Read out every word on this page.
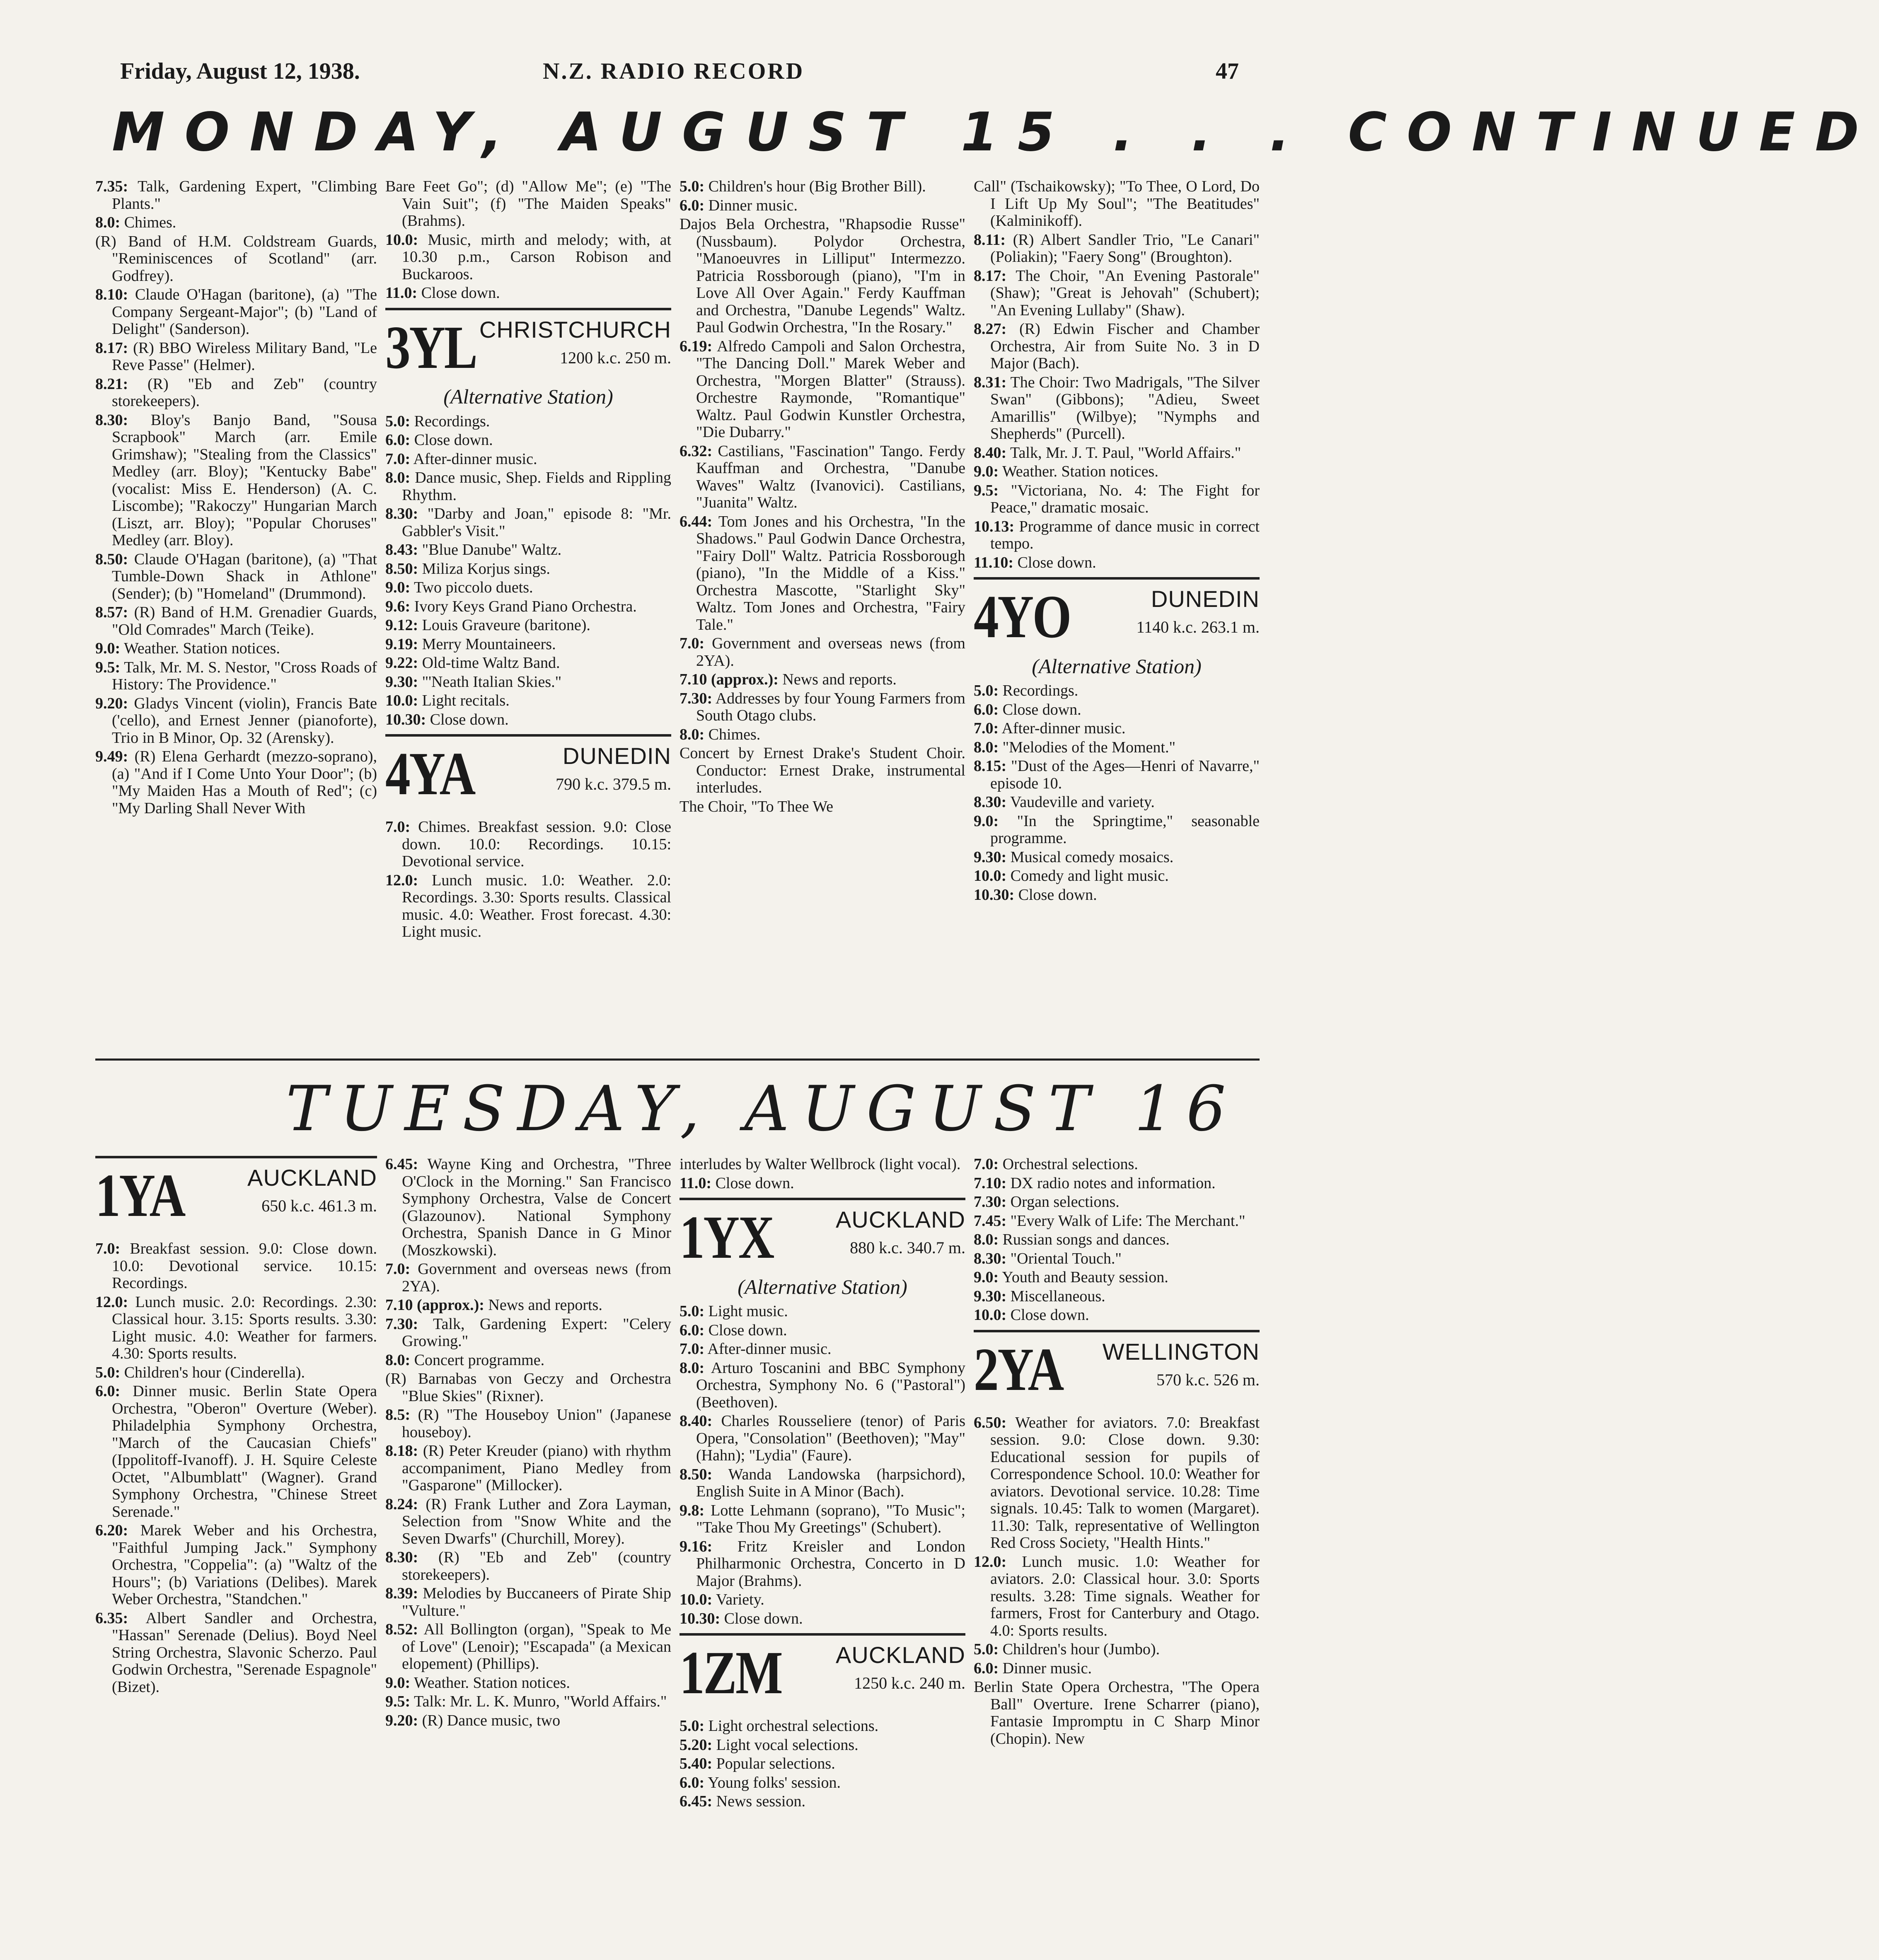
Friday, August 12, 1938.	N.Z. RADIO RECORD	47
MONDAY, AUGUST 15 . . . CONTINUED

7.35: Talk, Gardening Expert, "Climbing Plants."

8.0: Chimes.

(R) Band of H.M. Coldstream Guards, "Reminiscences of Scotland" (arr. Godfrey).

8.10: Claude O'Hagan (baritone), (a) "The Company Sergeant-Major"; (b) "Land of Delight" (Sanderson).

8.17: (R) BBO Wireless Military Band, "Le Reve Passe" (Helmer).

8.21: (R) "Eb and Zeb" (country storekeepers).

8.30: Bloy's Banjo Band, "Sousa Scrapbook" March (arr. Emile Grimshaw); "Stealing from the Classics" Medley (arr. Bloy); "Kentucky Babe" (vocalist: Miss E. Henderson) (A. C. Liscombe); "Rakoczy" Hungarian March (Liszt, arr. Bloy); "Popular Choruses" Medley (arr. Bloy).

8.50: Claude O'Hagan (baritone), (a) "That Tumble-Down Shack in Athlone" (Sender); (b) "Homeland" (Drummond).

8.57: (R) Band of H.M. Grenadier Guards, "Old Comrades" March (Teike).

9.0: Weather. Station notices.

9.5: Talk, Mr. M. S. Nestor, "Cross Roads of History: The Providence."

9.20: Gladys Vincent (violin), Francis Bate ('cello), and Ernest Jenner (pianoforte), Trio in B Minor, Op. 32 (Arensky).

9.49: (R) Elena Gerhardt (mezzo-soprano), (a) "And if I Come Unto Your Door"; (b) "My Maiden Has a Mouth of Red"; (c) "My Darling Shall Never With

Bare Feet Go"; (d) "Allow Me"; (e) "The Vain Suit"; (f) "The Maiden Speaks" (Brahms).

10.0: Music, mirth and melody; with, at 10.30 p.m., Carson Robison and Buckaroos.

11.0: Close down.

3YL CHRISTCHURCH
1200 k.c. 250 m.
(Alternative Station)

5.0: Recordings.

6.0: Close down.

7.0: After-dinner music.

8.0: Dance music, Shep. Fields and Rippling Rhythm.

8.30: "Darby and Joan," episode 8: "Mr. Gabbler's Visit."

8.43: "Blue Danube" Waltz.

8.50: Miliza Korjus sings.

9.0: Two piccolo duets.

9.6: Ivory Keys Grand Piano Orchestra.

9.12: Louis Graveure (baritone).

9.19: Merry Mountaineers.

9.22: Old-time Waltz Band.

9.30: "'Neath Italian Skies."

10.0: Light recitals.

10.30: Close down.

4YA	DUNEDIN
790 k.c. 379.5 m.

7.0: Chimes. Breakfast session. 9.0: Close down. 10.0: Recordings. 10.15: Devotional service.

12.0: Lunch music. 1.0: Weather. 2.0: Recordings. 3.30: Sports results. Classical music. 4.0: Weather. Frost forecast. 4.30: Light music.

5.0: Children's hour (Big Brother Bill).

6.0: Dinner music.

Dajos Bela Orchestra, "Rhapsodie Russe" (Nussbaum). Polydor Orchestra, "Manoeuvres in Lilliput" Intermezzo. Patricia Rossborough (piano), "I'm in Love All Over Again." Ferdy Kauffman and Orchestra, "Danube Legends" Waltz. Paul Godwin Orchestra, "In the Rosary."

6.19: Alfredo Campoli and Salon Orchestra, "The Dancing Doll." Marek Weber and Orchestra, "Morgen Blatter" (Strauss). Orchestre Raymonde, "Romantique" Waltz. Paul Godwin Kunstler Orchestra, "Die Dubarry."

6.32: Castilians, "Fascination" Tango. Ferdy Kauffman and Orchestra, "Danube Waves" Waltz (Ivanovici). Castilians, "Juanita" Waltz.

6.44: Tom Jones and his Orchestra, "In the Shadows." Paul Godwin Dance Orchestra, "Fairy Doll" Waltz. Patricia Rossborough (piano), "In the Middle of a Kiss." Orchestra Mascotte, "Starlight Sky" Waltz. Tom Jones and Orchestra, "Fairy Tale."

7.0: Government and overseas news (from 2YA).

7.10 (approx.): News and reports.

7.30: Addresses by four Young Farmers from South Otago clubs.

8.0: Chimes.

Concert by Ernest Drake's Student Choir. Conductor: Ernest Drake, instrumental interludes.

The Choir, "To Thee We

Call" (Tschaikowsky); "To Thee, O Lord, Do I Lift Up My Soul"; "The Beatitudes" (Kalminikoff).

8.11: (R) Albert Sandler Trio, "Le Canari" (Poliakin); "Faery Song" (Broughton).

8.17: The Choir, "An Evening Pastorale" (Shaw); "Great is Jehovah" (Schubert); "An Evening Lullaby" (Shaw).

8.27: (R) Edwin Fischer and Chamber Orchestra, Air from Suite No. 3 in D Major (Bach).

8.31: The Choir: Two Madrigals, "The Silver Swan" (Gibbons); "Adieu, Sweet Amarillis" (Wilbye); "Nymphs and Shepherds" (Purcell).

8.40: Talk, Mr. J. T. Paul, "World Affairs."

9.0: Weather. Station notices.

9.5: "Victoriana, No. 4: The Fight for Peace," dramatic mosaic.

10.13: Programme of dance music in correct tempo.

11.10: Close down.

4YO	DUNEDIN
1140 k.c. 263.1 m.
(Alternative Station)

5.0: Recordings.

6.0: Close down.

7.0: After-dinner music.

8.0: "Melodies of the Moment."

8.15: "Dust of the Ages—Henri of Navarre," episode 10.

8.30: Vaudeville and variety.

9.0: "In the Springtime," seasonable programme.

9.30: Musical comedy mosaics.

10.0: Comedy and light music.

10.30: Close down.

TUESDAY, AUGUST 16
1YA	AUCKLAND
650 k.c. 461.3 m.

7.0: Breakfast session. 9.0: Close down. 10.0: Devotional service. 10.15: Recordings.

12.0: Lunch music. 2.0: Recordings. 2.30: Classical hour. 3.15: Sports results. 3.30: Light music. 4.0: Weather for farmers. 4.30: Sports results.

5.0: Children's hour (Cinderella).

6.0: Dinner music. Berlin State Opera Orchestra, "Oberon" Overture (Weber). Philadelphia Symphony Orchestra, "March of the Caucasian Chiefs" (Ippolitoff-Ivanoff). J. H. Squire Celeste Octet, "Albumblatt" (Wagner). Grand Symphony Orchestra, "Chinese Street Serenade."

6.20: Marek Weber and his Orchestra, "Faithful Jumping Jack." Symphony Orchestra, "Coppelia": (a) "Waltz of the Hours"; (b) Variations (Delibes). Marek Weber Orchestra, "Standchen."

6.35: Albert Sandler and Orchestra, "Hassan" Serenade (Delius). Boyd Neel String Orchestra, Slavonic Scherzo. Paul Godwin Orchestra, "Serenade Espagnole" (Bizet).

6.45: Wayne King and Orchestra, "Three O'Clock in the Morning." San Francisco Symphony Orchestra, Valse de Concert (Glazounov). National Symphony Orchestra, Spanish Dance in G Minor (Moszkowski).

7.0: Government and overseas news (from 2YA).

7.10 (approx.): News and reports.

7.30: Talk, Gardening Expert: "Celery Growing."

8.0: Concert programme.

(R) Barnabas von Geczy and Orchestra "Blue Skies" (Rixner).

8.5: (R) "The Houseboy Union" (Japanese houseboy).

8.18: (R) Peter Kreuder (piano) with rhythm accompaniment, Piano Medley from "Gasparone" (Millocker).

8.24: (R) Frank Luther and Zora Layman, Selection from "Snow White and the Seven Dwarfs" (Churchill, Morey).

8.30: (R) "Eb and Zeb" (country storekeepers).

8.39: Melodies by Buccaneers of Pirate Ship "Vulture."

8.52: All Bollington (organ), "Speak to Me of Love" (Lenoir); "Escapada" (a Mexican elopement) (Phillips).

9.0: Weather. Station notices.

9.5: Talk: Mr. L. K. Munro, "World Affairs."

9.20: (R) Dance music, two

interludes by Walter Wellbrock (light vocal).

11.0: Close down.

1YX	AUCKLAND
880 k.c. 340.7 m.
(Alternative Station)

5.0: Light music.

6.0: Close down.

7.0: After-dinner music.

8.0: Arturo Toscanini and BBC Symphony Orchestra, Symphony No. 6 ("Pastoral") (Beethoven).

8.40: Charles Rousseliere (tenor) of Paris Opera, "Consolation" (Beethoven); "May" (Hahn); "Lydia" (Faure).

8.50: Wanda Landowska (harpsichord), English Suite in A Minor (Bach).

9.8: Lotte Lehmann (soprano), "To Music"; "Take Thou My Greetings" (Schubert).

9.16: Fritz Kreisler and London Philharmonic Orchestra, Concerto in D Major (Brahms).

10.0: Variety.

10.30: Close down.

1ZM AUCKLAND
1250 k.c. 240 m.

5.0: Light orchestral selections.

5.20: Light vocal selections.

5.40: Popular selections.

6.0: Young folks' session.

6.45: News session.

7.0: Orchestral selections.

7.10: DX radio notes and information.

7.30: Organ selections.

7.45: "Every Walk of Life: The Merchant."

8.0: Russian songs and dances.

8.30: "Oriental Touch."

9.0: Youth and Beauty session.

9.30: Miscellaneous.

10.0: Close down.

2YA WELLINGTON
570 k.c. 526 m.

6.50: Weather for aviators. 7.0: Breakfast session. 9.0: Close down. 9.30: Educational session for pupils of Correspondence School. 10.0: Weather for aviators. Devotional service. 10.28: Time signals. 10.45: Talk to women (Margaret). 11.30: Talk, representative of Wellington Red Cross Society, "Health Hints."

12.0: Lunch music. 1.0: Weather for aviators. 2.0: Classical hour. 3.0: Sports results. 3.28: Time signals. Weather for farmers, Frost for Canterbury and Otago. 4.0: Sports results.

5.0: Children's hour (Jumbo).

6.0: Dinner music.

Berlin State Opera Orchestra, "The Opera Ball" Overture. Irene Scharrer (piano), Fantasie Impromptu in C Sharp Minor (Chopin). New
